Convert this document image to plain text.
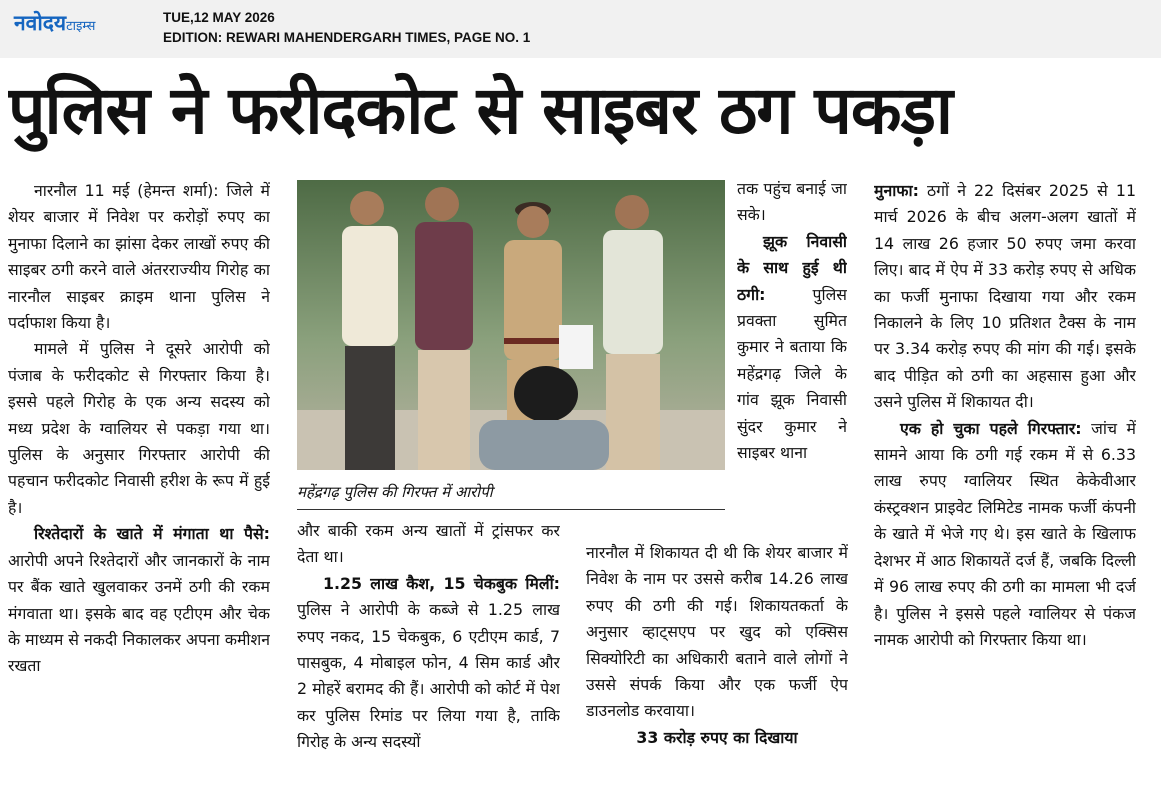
नवोदयटाइम्स
TUE,12 MAY 2026
EDITION: REWARI MAHENDERGARH TIMES, PAGE NO. 1
पुलिस ने फरीदकोट से साइबर ठग पकड़ा

नारनौल 11 मई (हेमन्त शर्मा): जिले में शेयर बाजार में निवेश पर करोड़ों रुपए का मुनाफा दिलाने का झांसा देकर लाखों रुपए की साइबर ठगी करने वाले अंतरराज्यीय गिरोह का नारनौल साइबर क्राइम थाना पुलिस ने पर्दाफाश किया है।

मामले में पुलिस ने दूसरे आरोपी को पंजाब के फरीदकोट से गिरफ्तार किया है। इससे पहले गिरोह के एक अन्य सदस्य को मध्य प्रदेश के ग्वालियर से पकड़ा गया था। पुलिस के अनुसार गिरफ्तार आरोपी की पहचान फरीदकोट निवासी हरीश के रूप में हुई है।

रिश्तेदारों के खाते में मंगाता था पैसे: आरोपी अपने रिश्तेदारों और जानकारों के नाम पर बैंक खाते खुलवाकर उनमें ठगी की रकम मंगवाता था। इसके बाद वह एटीएम और चेक के माध्यम से नकदी निकालकर अपना कमीशन रखता

महेंद्रगढ़ पुलिस की गिरफ्त में आरोपी

और बाकी रकम अन्य खातों में ट्रांसफर कर देता था।

1.25 लाख कैश, 15 चेकबुक मिलीं: पुलिस ने आरोपी के कब्जे से 1.25 लाख रुपए नकद, 15 चेकबुक, 6 एटीएम कार्ड, 7 पासबुक, 4 मोबाइल फोन, 4 सिम कार्ड और 2 मोहरें बरामद की हैं। आरोपी को कोर्ट में पेश कर पुलिस रिमांड पर लिया गया है, ताकि गिरोह के अन्य सदस्यों

तक पहुंच बनाई जा सके।

झूक निवासी के साथ हुई थी ठगी: पुलिस प्रवक्ता सुमित कुमार ने बताया कि महेंद्रगढ़ जिले के गांव झूक निवासी सुंदर कुमार ने साइबर थाना

नारनौल में शिकायत दी थी कि शेयर बाजार में निवेश के नाम पर उससे करीब 14.26 लाख रुपए की ठगी की गई। शिकायतकर्ता के अनुसार व्हाट्सएप पर खुद को एक्सिस सिक्योरिटी का अधिकारी बताने वाले लोगों ने उससे संपर्क किया और एक फर्जी ऐप डाउनलोड करवाया।

33 करोड़ रुपए का दिखाया

मुनाफा: ठगों ने 22 दिसंबर 2025 से 11 मार्च 2026 के बीच अलग-अलग खातों में 14 लाख 26 हजार 50 रुपए जमा करवा लिए। बाद में ऐप में 33 करोड़ रुपए से अधिक का फर्जी मुनाफा दिखाया गया और रकम निकालने के लिए 10 प्रतिशत टैक्स के नाम पर 3.34 करोड़ रुपए की मांग की गई। इसके बाद पीड़ित को ठगी का अहसास हुआ और उसने पुलिस में शिकायत दी।

एक हो चुका पहले गिरफ्तार: जांच में सामने आया कि ठगी गई रकम में से 6.33 लाख रुपए ग्वालियर स्थित केकेवीआर कंस्ट्रक्शन प्राइवेट लिमिटेड नामक फर्जी कंपनी के खाते में भेजे गए थे। इस खाते के खिलाफ देशभर में आठ शिकायतें दर्ज हैं, जबकि दिल्ली में 96 लाख रुपए की ठगी का मामला भी दर्ज है। पुलिस ने इससे पहले ग्वालियर से पंकज नामक आरोपी को गिरफ्तार किया था।
